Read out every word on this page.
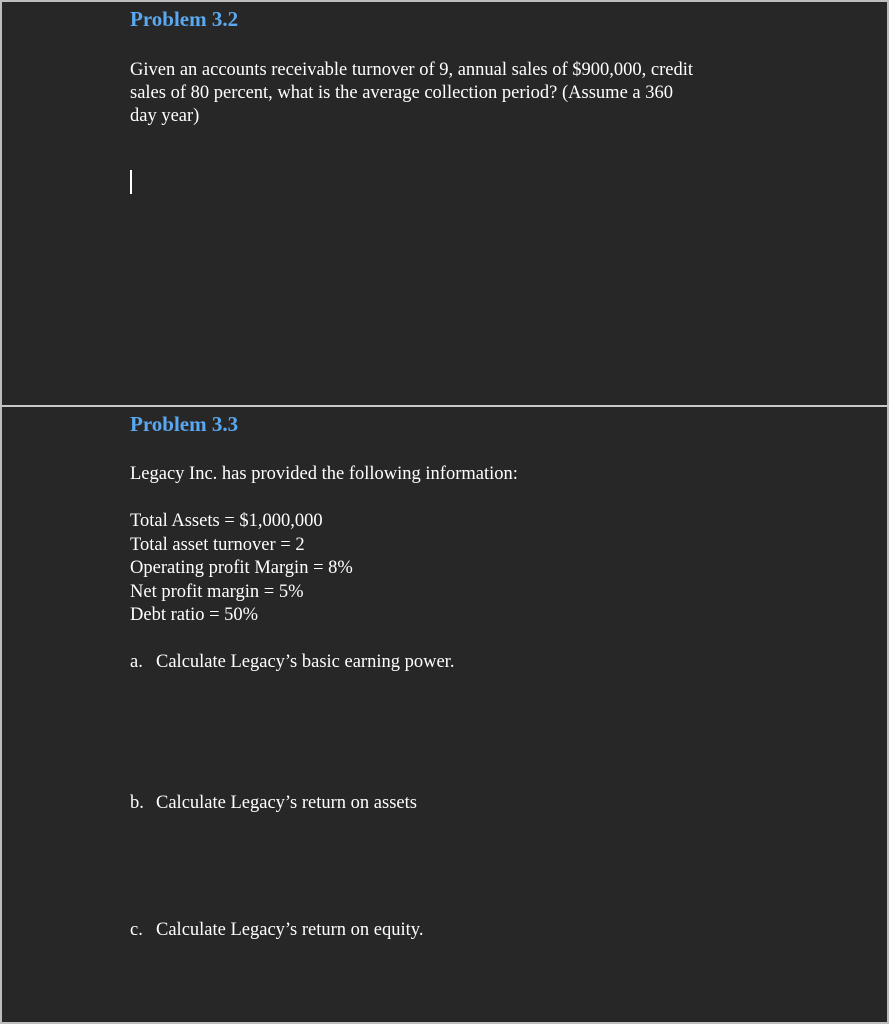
Problem 3.2
Given an accounts receivable turnover of 9, annual sales of $900,000, credit
sales of 80 percent, what is the average collection period? (Assume a 360
day year)
Problem 3.3
Legacy Inc. has provided the following information:
Total Assets = $1,000,000
Total asset turnover = 2
Operating profit Margin = 8%
Net profit margin = 5%
Debt ratio = 50%
a. Calculate Legacy’s basic earning power.
b. Calculate Legacy’s return on assets
c. Calculate Legacy’s return on equity.
